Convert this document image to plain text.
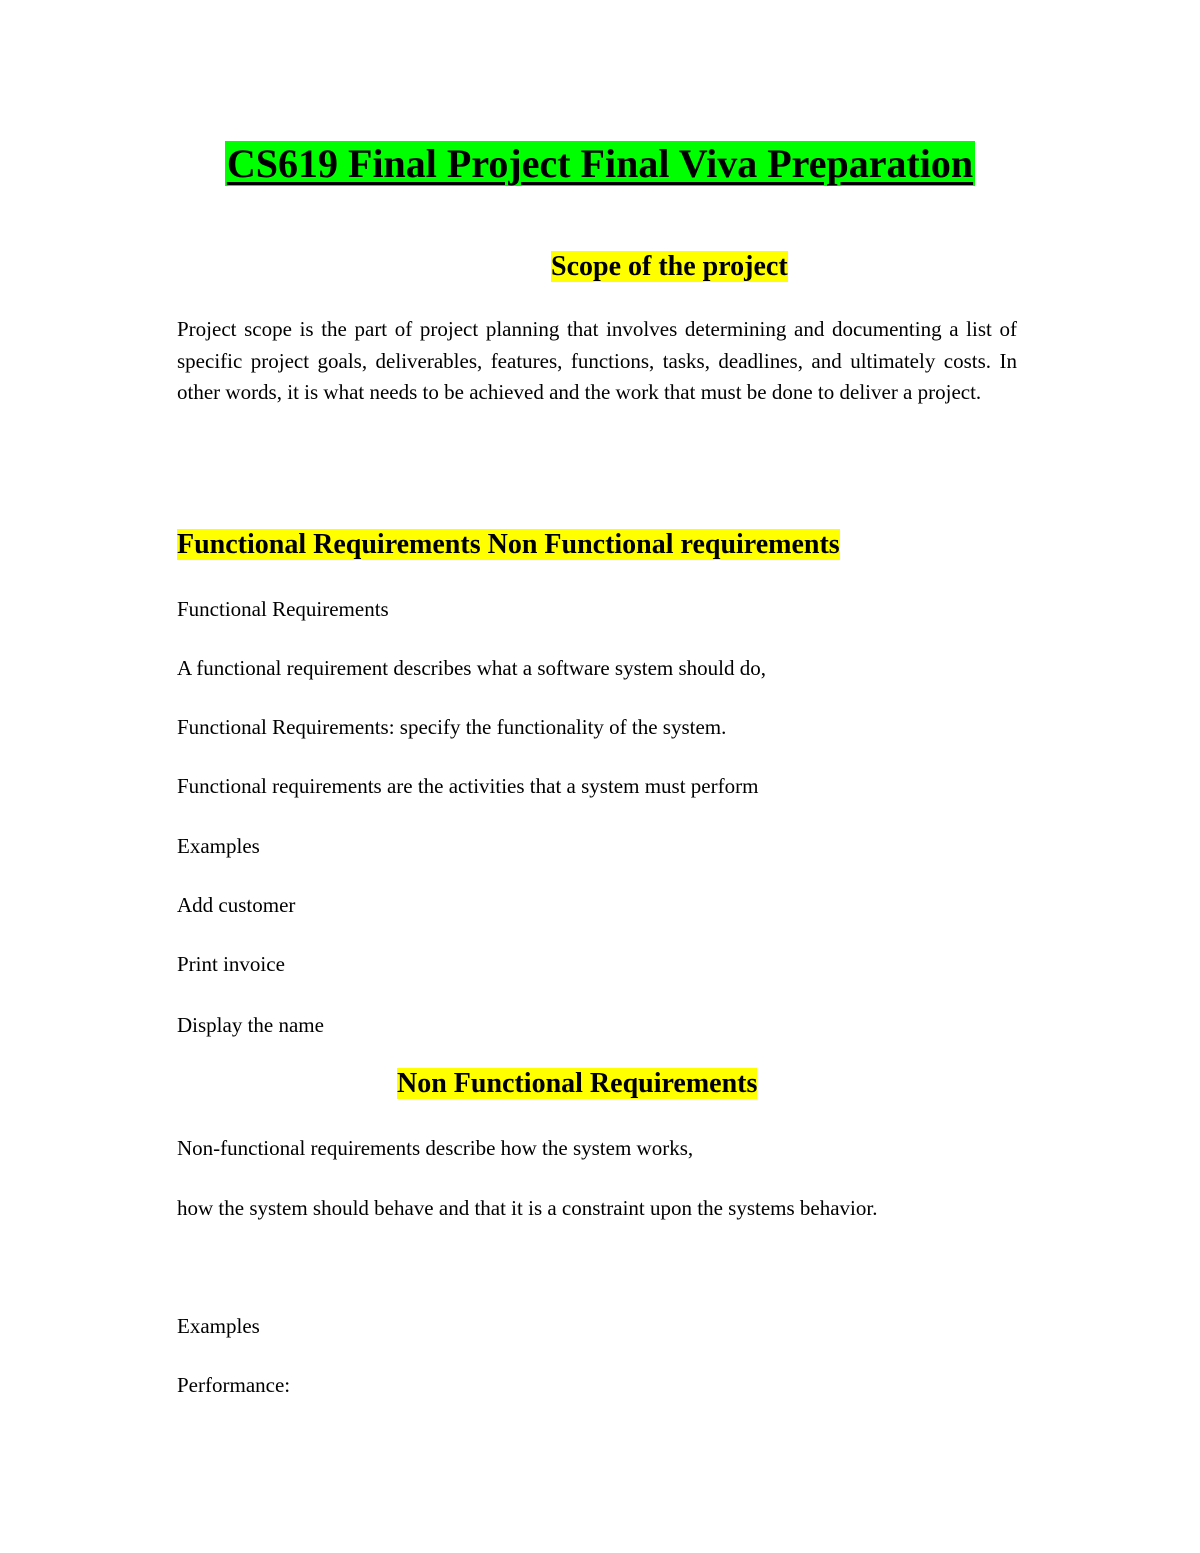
CS619 Final Project Final Viva Preparation
Scope of the project

Project scope is the part of project planning that involves determining and documenting a list of specific project goals, deliverables, features, functions, tasks, deadlines, and ultimately costs. In other words, it is what needs to be achieved and the work that must be done to deliver a project.

Functional Requirements Non Functional requirements

Functional Requirements

A functional requirement describes what a software system should do,

Functional Requirements: specify the functionality of the system.

Functional requirements are the activities that a system must perform

Examples

Add customer

Print invoice

Display the name

Non Functional Requirements

Non-functional requirements describe how the system works,

how the system should behave and that it is a constraint upon the systems behavior.

Examples

Performance:
